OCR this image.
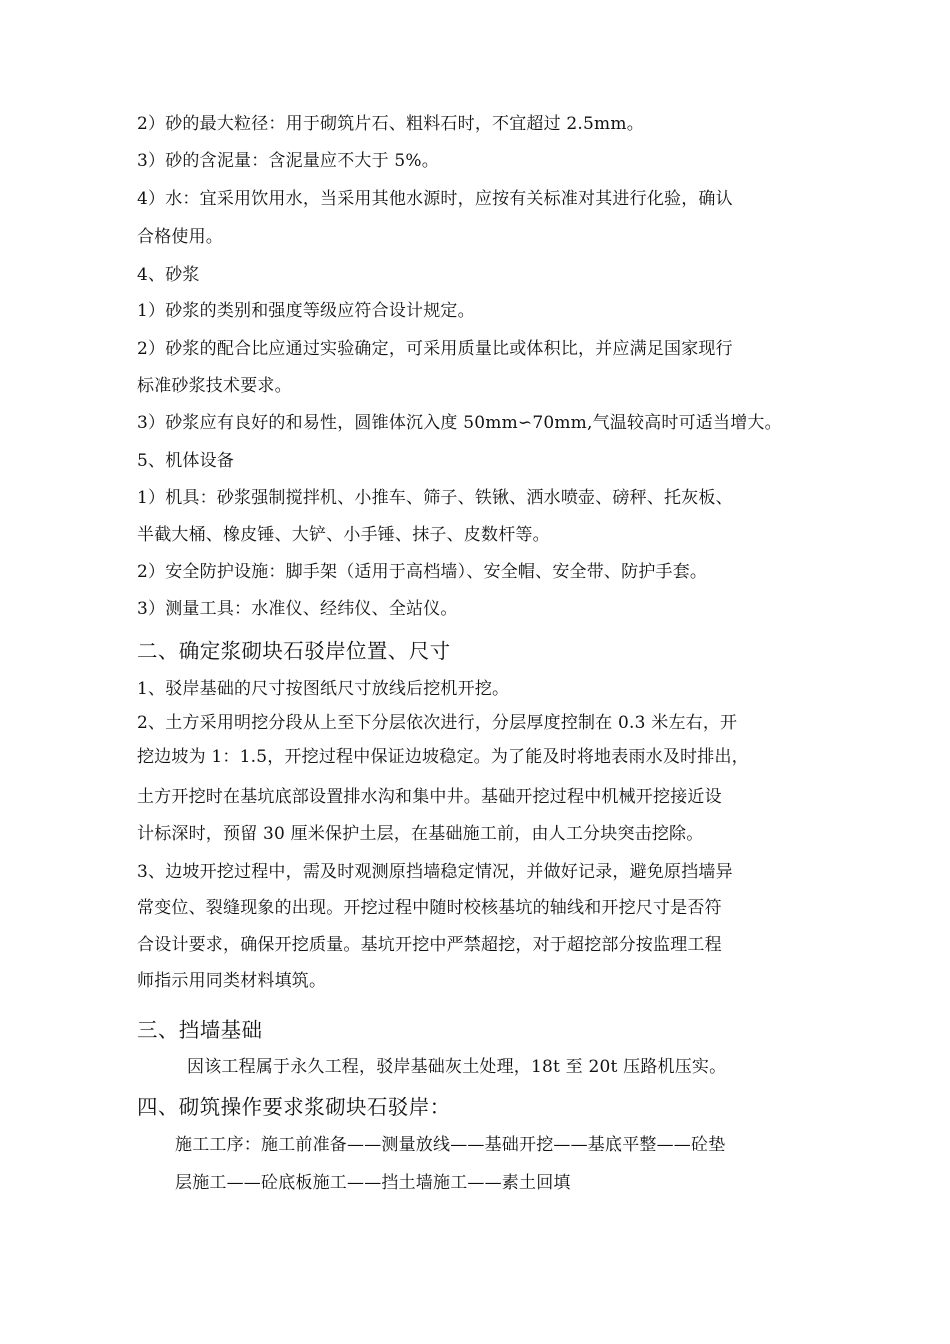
2）砂的最大粒径：用于砌筑片石、粗料石时，不宜超过 2.5mm。
3）砂的含泥量：含泥量应不大于 5%。
4）水：宜采用饮用水，当采用其他水源时，应按有关标准对其进行化验，确认
合格使用。
4、砂浆
1）砂浆的类别和强度等级应符合设计规定。
2）砂浆的配合比应通过实验确定，可采用质量比或体积比，并应满足国家现行
标准砂浆技术要求。
3）砂浆应有良好的和易性，圆锥体沉入度 50mm∽70mm,气温较高时可适当增大。
5、机体设备
1）机具：砂浆强制搅拌机、小推车、筛子、铁锹、洒水喷壶、磅秤、托灰板、
半截大桶、橡皮锤、大铲、小手锤、抹子、皮数杆等。
2）安全防护设施：脚手架（适用于高档墙）、安全帽、安全带、防护手套。
3）测量工具：水准仪、经纬仪、全站仪。
二、确定浆砌块石驳岸位置、尺寸
1、驳岸基础的尺寸按图纸尺寸放线后挖机开挖。
2、土方采用明挖分段从上至下分层依次进行，分层厚度控制在 0.3 米左右，开
挖边坡为 1：1.5，开挖过程中保证边坡稳定。为了能及时将地表雨水及时排出，
土方开挖时在基坑底部设置排水沟和集中井。基础开挖过程中机械开挖接近设
计标深时，预留 30 厘米保护土层，在基础施工前，由人工分块突击挖除。
3、边坡开挖过程中，需及时观测原挡墙稳定情况，并做好记录，避免原挡墙异
常变位、裂缝现象的出现。开挖过程中随时校核基坑的轴线和开挖尺寸是否符
合设计要求，确保开挖质量。基坑开挖中严禁超挖，对于超挖部分按监理工程
师指示用同类材料填筑。
三、挡墙基础
因该工程属于永久工程，驳岸基础灰土处理，18t 至 20t 压路机压实。
四、砌筑操作要求浆砌块石驳岸：
施工工序：施工前准备——测量放线——基础开挖——基底平整——砼垫
层施工——砼底板施工——挡土墙施工——素土回填
